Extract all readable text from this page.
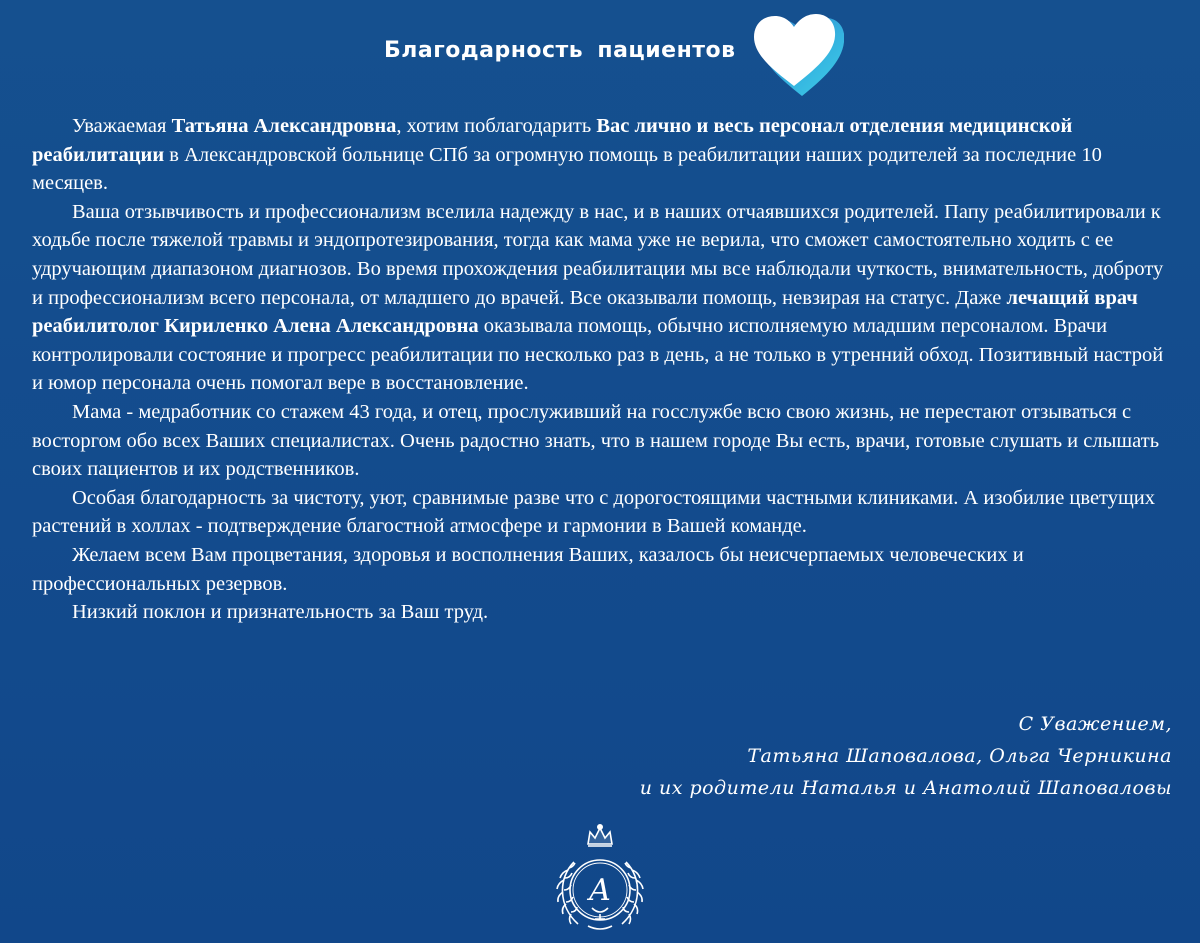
Благодарность пациентов

Уважаемая Татьяна Александровна, хотим поблагодарить Вас лично и весь персонал отделения медицинской реабилитации в Александровской больнице СПб за огромную помощь в реабилитации наших родителей за последние 10 месяцев.

Ваша отзывчивость и профессионализм вселила надежду в нас, и в наших отчаявшихся родителей. Папу реабилитировали к ходьбе после тяжелой травмы и эндопротезирования, тогда как мама уже не верила, что сможет самостоятельно ходить с ее удручающим диапазоном диагнозов. Во время прохождения реабилитации мы все наблюдали чуткость, внимательность, доброту и профессионализм всего персонала, от младшего до врачей. Все оказывали помощь, невзирая на статус. Даже лечащий врач реабилитолог Кириленко Алена Александровна оказывала помощь, обычно исполняемую младшим персоналом. Врачи контролировали состояние и прогресс реабилитации по несколько раз в день, а не только в утренний обход. Позитивный настрой и юмор персонала очень помогал вере в восстановление.

Мама - медработник со стажем 43 года, и отец, прослуживший на госслужбе всю свою жизнь, не перестают отзываться с восторгом обо всех Ваших специалистах. Очень радостно знать, что в нашем городе Вы есть, врачи, готовые слушать и слышать своих пациентов и их родственников.

Особая благодарность за чистоту, уют, сравнимые разве что с дорогостоящими частными клиниками. А изобилие цветущих растений в холлах - подтверждение благостной атмосфере и гармонии в Вашей команде.

Желаем всем Вам процветания, здоровья и восполнения Ваших, казалось бы неисчерпаемых человеческих и профессиональных резервов.

Низкий поклон и признательность за Ваш труд.

С Уважением,
Татьяна Шаповалова, Ольга Черникина
и их родители Наталья и Анатолий Шаповаловы
А
